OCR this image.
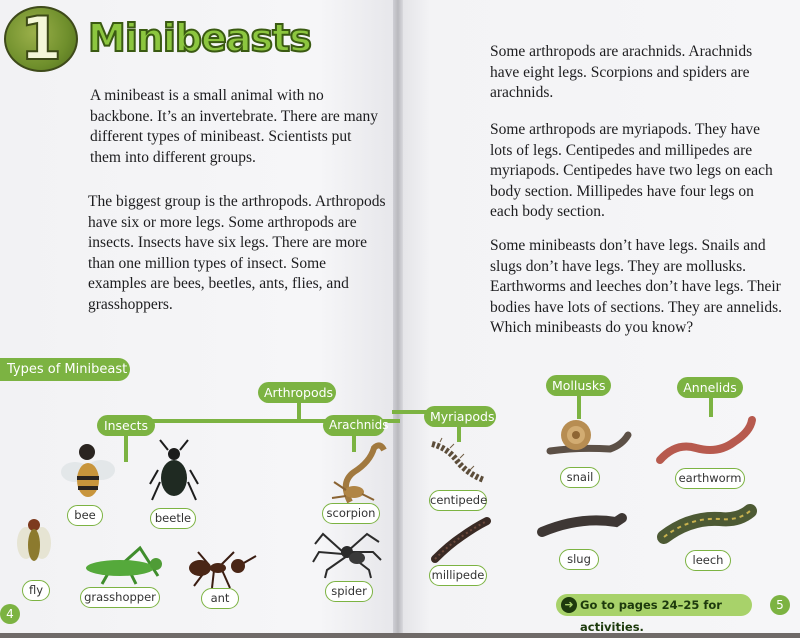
1 Minibeasts
A minibeast is a small animal with no backbone. It’s an invertebrate. There are many different types of minibeast. Scientists put them into different groups.
The biggest group is the arthropods. Arthropods have six or more legs. Some arthropods are insects. Insects have six legs. There are more than one million types of insect. Some examples are bees, beetles, ants, flies, and grasshoppers.
Some arthropods are arachnids. Arachnids have eight legs. Scorpions and spiders are arachnids.
Some arthropods are myriapods. They have lots of legs. Centipedes and millipedes are myriapods. Centipedes have two legs on each body section. Millipedes have four legs on each body section.
Some minibeasts don’t have legs. Snails and slugs don’t have legs. They are mollusks. Earthworms and leeches don’t have legs. Their bodies have lots of sections. They are annelids. Which minibeasts do you know?
Types of Minibeast
Arthropods
Insects	Arachnids
Myriapods
Mollusks	Annelids
bee	beetle
fly	grasshopper	ant
scorpion
spider
centipede
millipede
snail
slug
earthworm
leech
➜ Go to pages 24–25 for activities.
4
5
